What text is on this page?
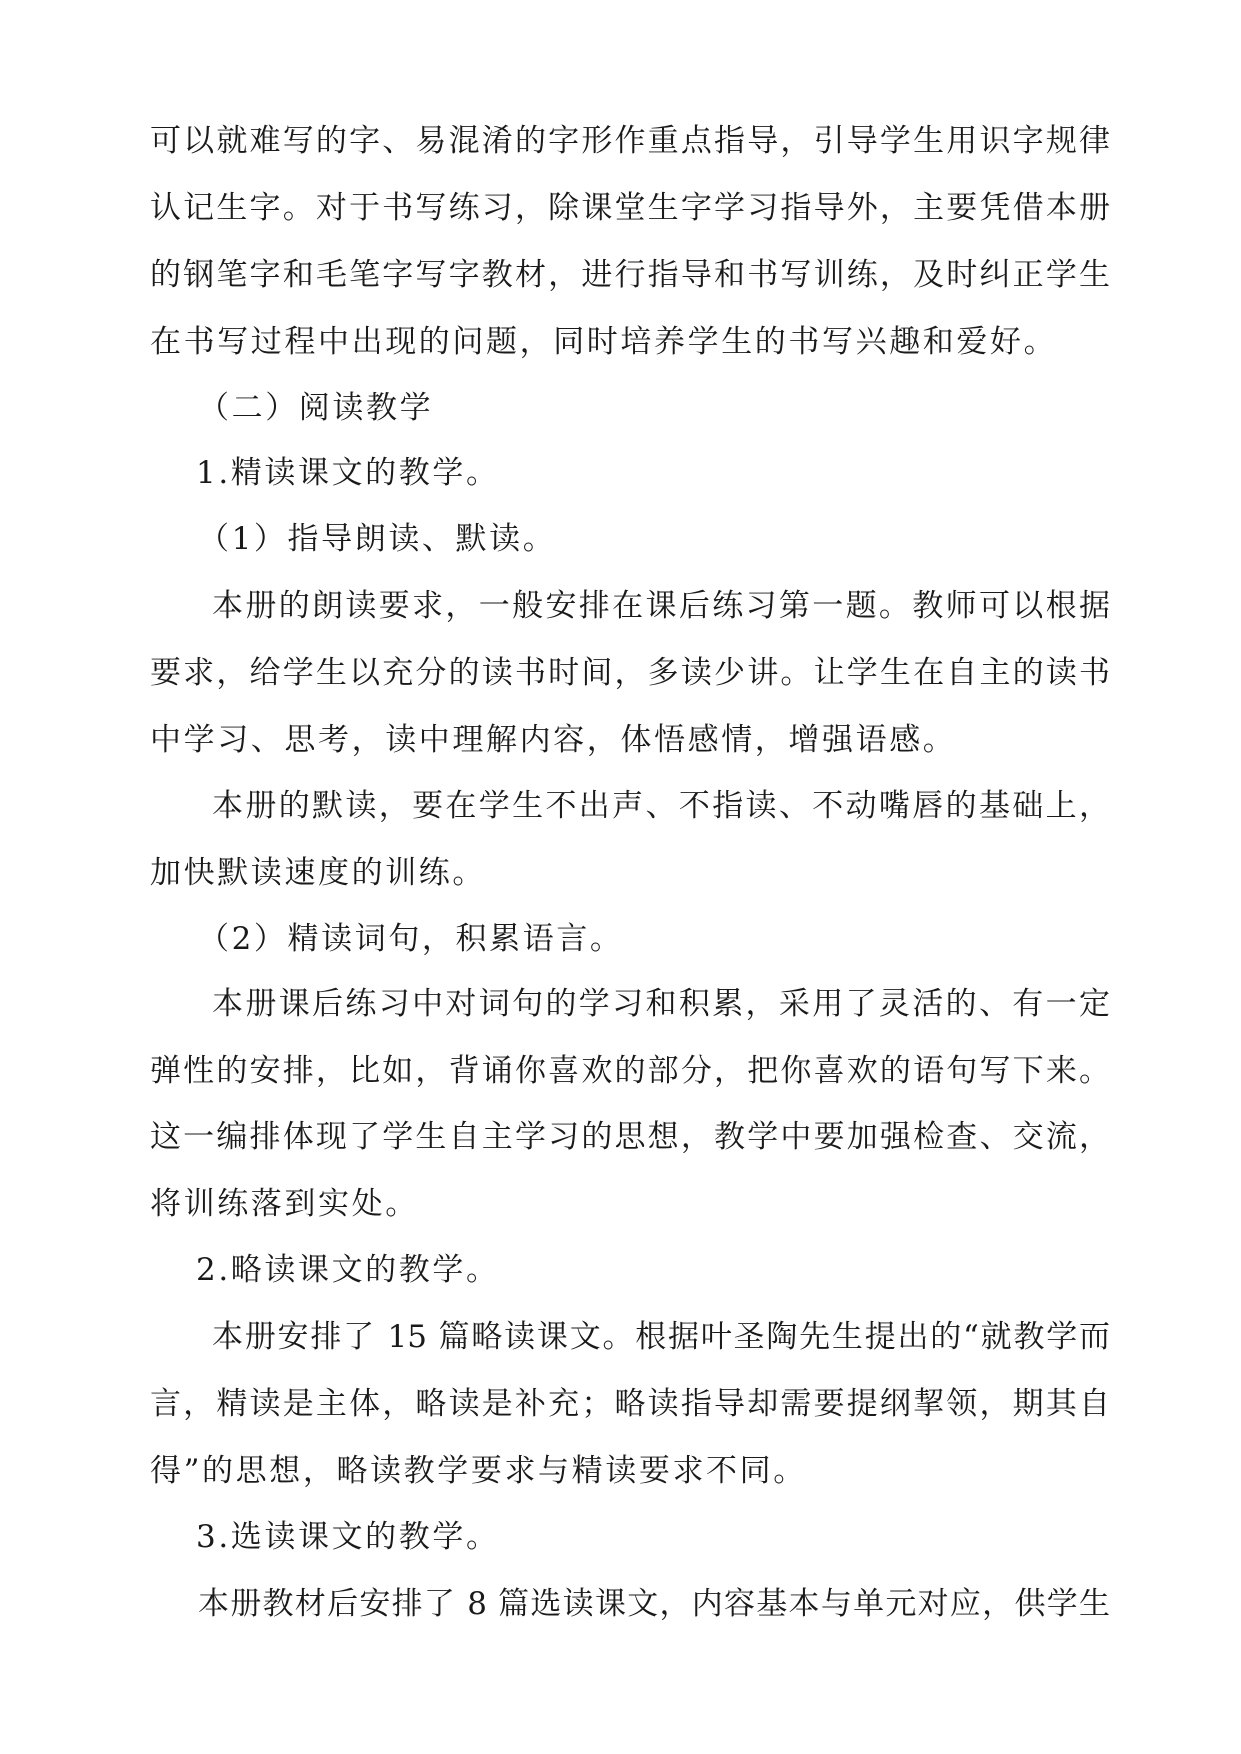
可以就难写的字、易混淆的字形作重点指导，引导学生用识字规律
认记生字。对于书写练习，除课堂生字学习指导外，主要凭借本册
的钢笔字和毛笔字写字教材，进行指导和书写训练，及时纠正学生
在书写过程中出现的问题，同时培养学生的书写兴趣和爱好。
（二）阅读教学
1.精读课文的教学。
（1）指导朗读、默读。
本册的朗读要求，一般安排在课后练习第一题。教师可以根据
要求，给学生以充分的读书时间，多读少讲。让学生在自主的读书
中学习、思考，读中理解内容，体悟感情，增强语感。
本册的默读，要在学生不出声、不指读、不动嘴唇的基础上，
加快默读速度的训练。
（2）精读词句，积累语言。
本册课后练习中对词句的学习和积累，采用了灵活的、有一定
弹性的安排，比如，背诵你喜欢的部分，把你喜欢的语句写下来。
这一编排体现了学生自主学习的思想，教学中要加强检查、交流，
将训练落到实处。
2.略读课文的教学。
本册安排了 15 篇略读课文。根据叶圣陶先生提出的“就教学而
言，精读是主体，略读是补充；略读指导却需要提纲挈领，期其自
得”的思想，略读教学要求与精读要求不同。
3.选读课文的教学。
本册教材后安排了 8 篇选读课文，内容基本与单元对应，供学生
